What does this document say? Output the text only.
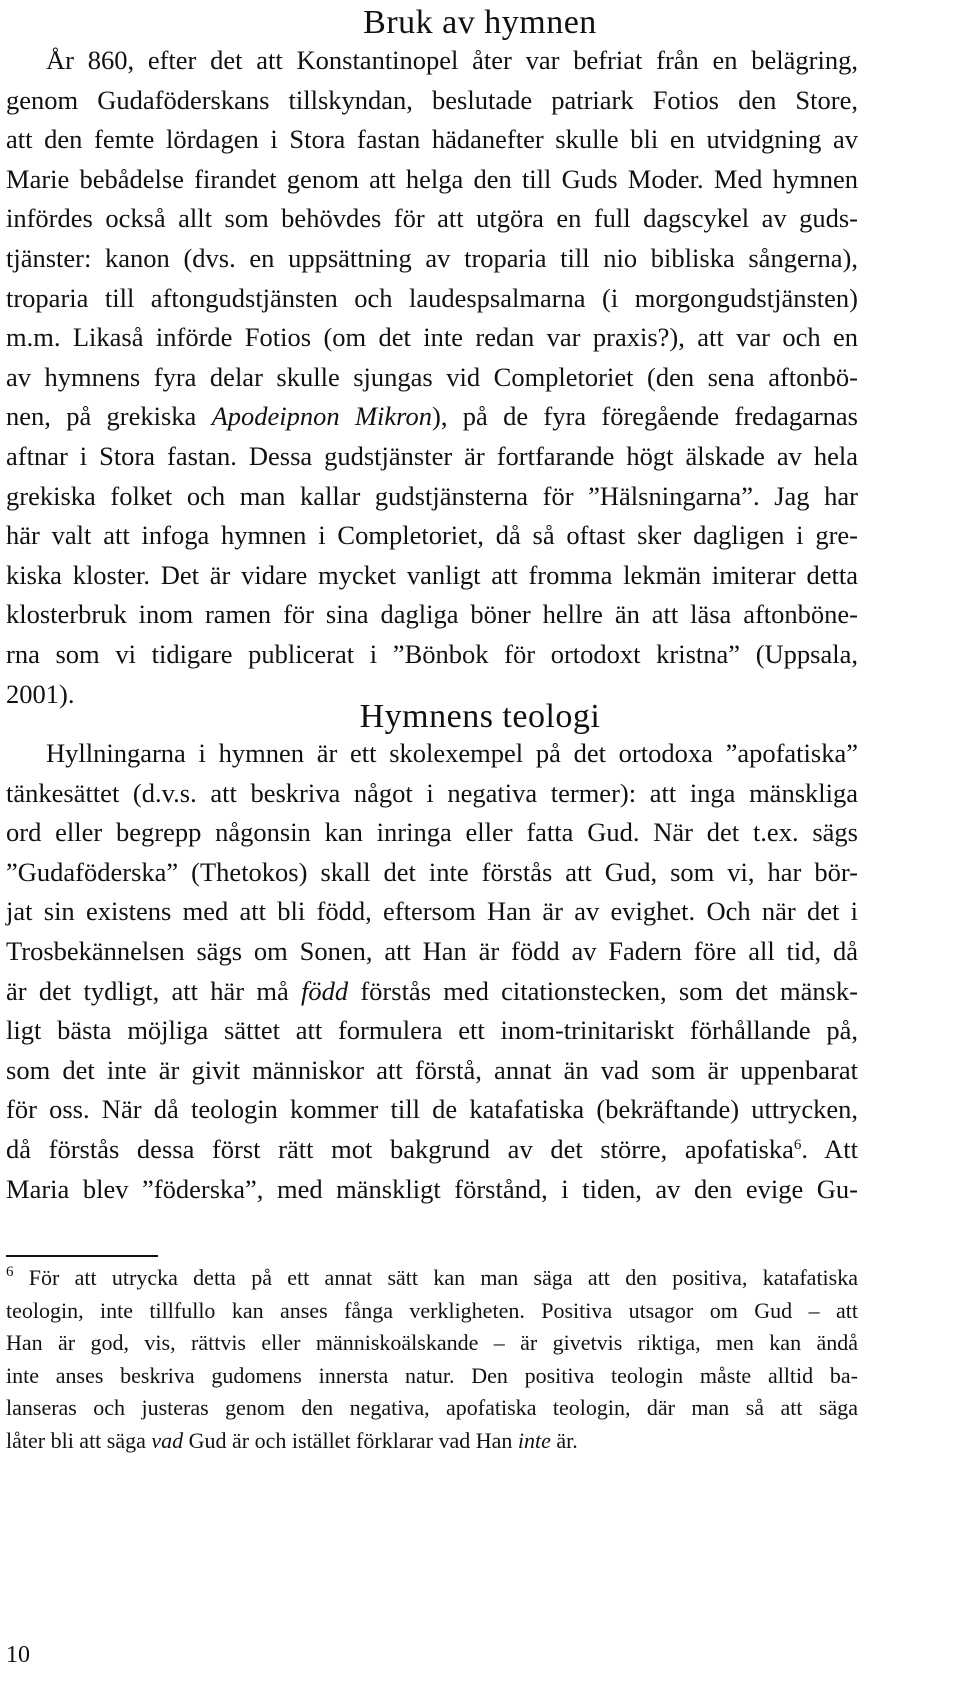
Bruk av hymnen
År 860, efter det att Konstantinopel åter var befriat från en belägring,
genom Gudaföderskans tillskyndan, beslutade patriark Fotios den Store,
att den femte lördagen i Stora fastan hädanefter skulle bli en utvidgning av
Marie bebådelse firandet genom att helga den till Guds Moder. Med hymnen
infördes också allt som behövdes för att utgöra en full dagscykel av guds-
tjänster: kanon (dvs. en uppsättning av troparia till nio bibliska sångerna),
troparia till aftongudstjänsten och laudespsalmarna (i morgongudstjänsten)
m.m. Likaså införde Fotios (om det inte redan var praxis?), att var och en
av hymnens fyra delar skulle sjungas vid Completoriet (den sena aftonbö-
nen, på grekiska Apodeipnon Mikron), på de fyra föregående fredagarnas
aftnar i Stora fastan. Dessa gudstjänster är fortfarande högt älskade av hela
grekiska folket och man kallar gudstjänsterna för ”Hälsningarna”. Jag har
här valt att infoga hymnen i Completoriet, då så oftast sker dagligen i gre-
kiska kloster. Det är vidare mycket vanligt att fromma lekmän imiterar detta
klosterbruk inom ramen för sina dagliga böner hellre än att läsa aftonböne-
rna som vi tidigare publicerat i ”Bönbok för ortodoxt kristna” (Uppsala,
2001).
Hymnens teologi
Hyllningarna i hymnen är ett skolexempel på det ortodoxa ”apofatiska”
tänkesättet (d.v.s. att beskriva något i negativa termer): att inga mänskliga
ord eller begrepp någonsin kan inringa eller fatta Gud. När det t.ex. sägs
”Gudaföderska” (Thetokos) skall det inte förstås att Gud, som vi, har bör-
jat sin existens med att bli född, eftersom Han är av evighet. Och när det i
Trosbekännelsen sägs om Sonen, att Han är född av Fadern före all tid, då
är det tydligt, att här må född förstås med citationstecken, som det mänsk-
ligt bästa möjliga sättet att formulera ett inom-trinitariskt förhållande på,
som det inte är givit människor att förstå, annat än vad som är uppenbarat
för oss. När då teologin kommer till de katafatiska (bekräftande) uttrycken,
då förstås dessa först rätt mot bakgrund av det större, apofatiska$^6$. Att
Maria blev ”föderska”, med mänskligt förstånd, i tiden, av den evige Gu-
$^6$ För att utrycka detta på ett annat sätt kan man säga att den positiva, katafatiska
teologin, inte tillfullo kan anses fånga verkligheten. Positiva utsagor om Gud – att
Han är god, vis, rättvis eller människoälskande – är givetvis riktiga, men kan ändå
inte anses beskriva gudomens innersta natur. Den positiva teologin måste alltid ba-
lanseras och justeras genom den negativa, apofatiska teologin, där man så att säga
låter bli att säga vad Gud är och istället förklarar vad Han inte är.
10
